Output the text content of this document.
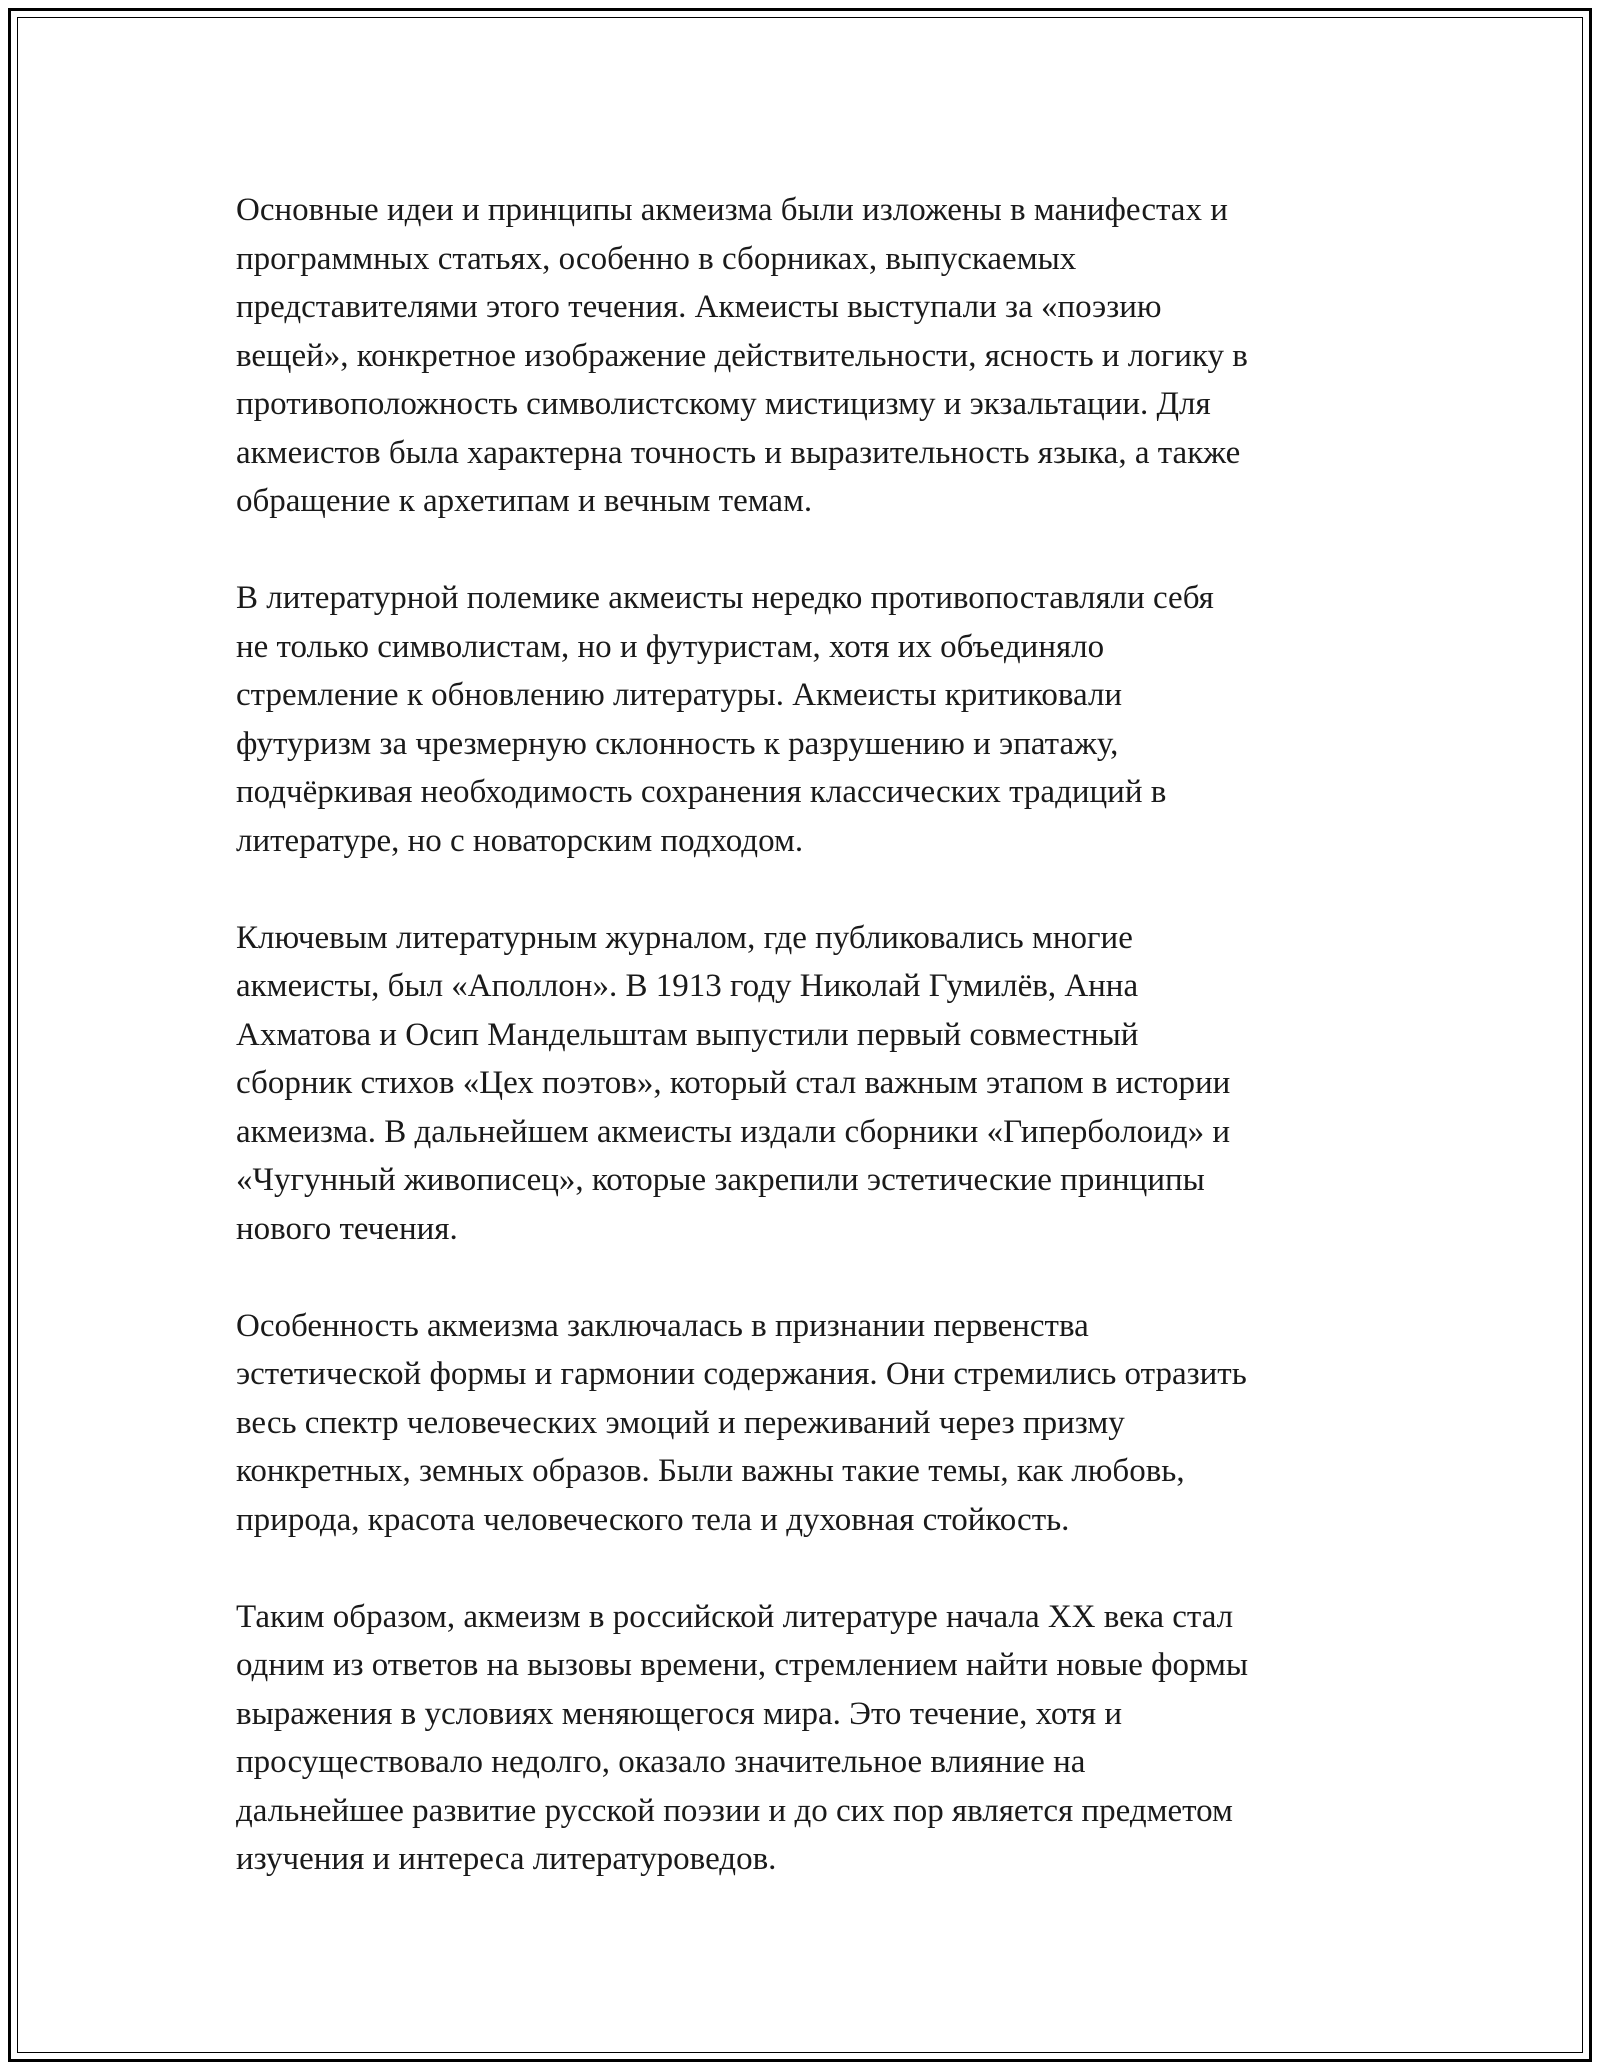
Основные идеи и принципы акмеизма были изложены в манифестах и
программных статьях, особенно в сборниках, выпускаемых
представителями этого течения. Акмеисты выступали за «поэзию
вещей», конкретное изображение действительности, ясность и логику в
противоположность символистскому мистицизму и экзальтации. Для
акмеистов была характерна точность и выразительность языка, а также
обращение к архетипам и вечным темам.

В литературной полемике акмеисты нередко противопоставляли себя
не только символистам, но и футуристам, хотя их объединяло
стремление к обновлению литературы. Акмеисты критиковали
футуризм за чрезмерную склонность к разрушению и эпатажу,
подчёркивая необходимость сохранения классических традиций в
литературе, но с новаторским подходом.

Ключевым литературным журналом, где публиковались многие
акмеисты, был «Аполлон». В 1913 году Николай Гумилёв, Анна
Ахматова и Осип Мандельштам выпустили первый совместный
сборник стихов «Цех поэтов», который стал важным этапом в истории
акмеизма. В дальнейшем акмеисты издали сборники «Гиперболоид» и
«Чугунный живописец», которые закрепили эстетические принципы
нового течения.

Особенность акмеизма заключалась в признании первенства
эстетической формы и гармонии содержания. Они стремились отразить
весь спектр человеческих эмоций и переживаний через призму
конкретных, земных образов. Были важны такие темы, как любовь,
природа, красота человеческого тела и духовная стойкость.

Таким образом, акмеизм в российской литературе начала XX века стал
одним из ответов на вызовы времени, стремлением найти новые формы
выражения в условиях меняющегося мира. Это течение, хотя и
просуществовало недолго, оказало значительное влияние на
дальнейшее развитие русской поэзии и до сих пор является предметом
изучения и интереса литературоведов.
